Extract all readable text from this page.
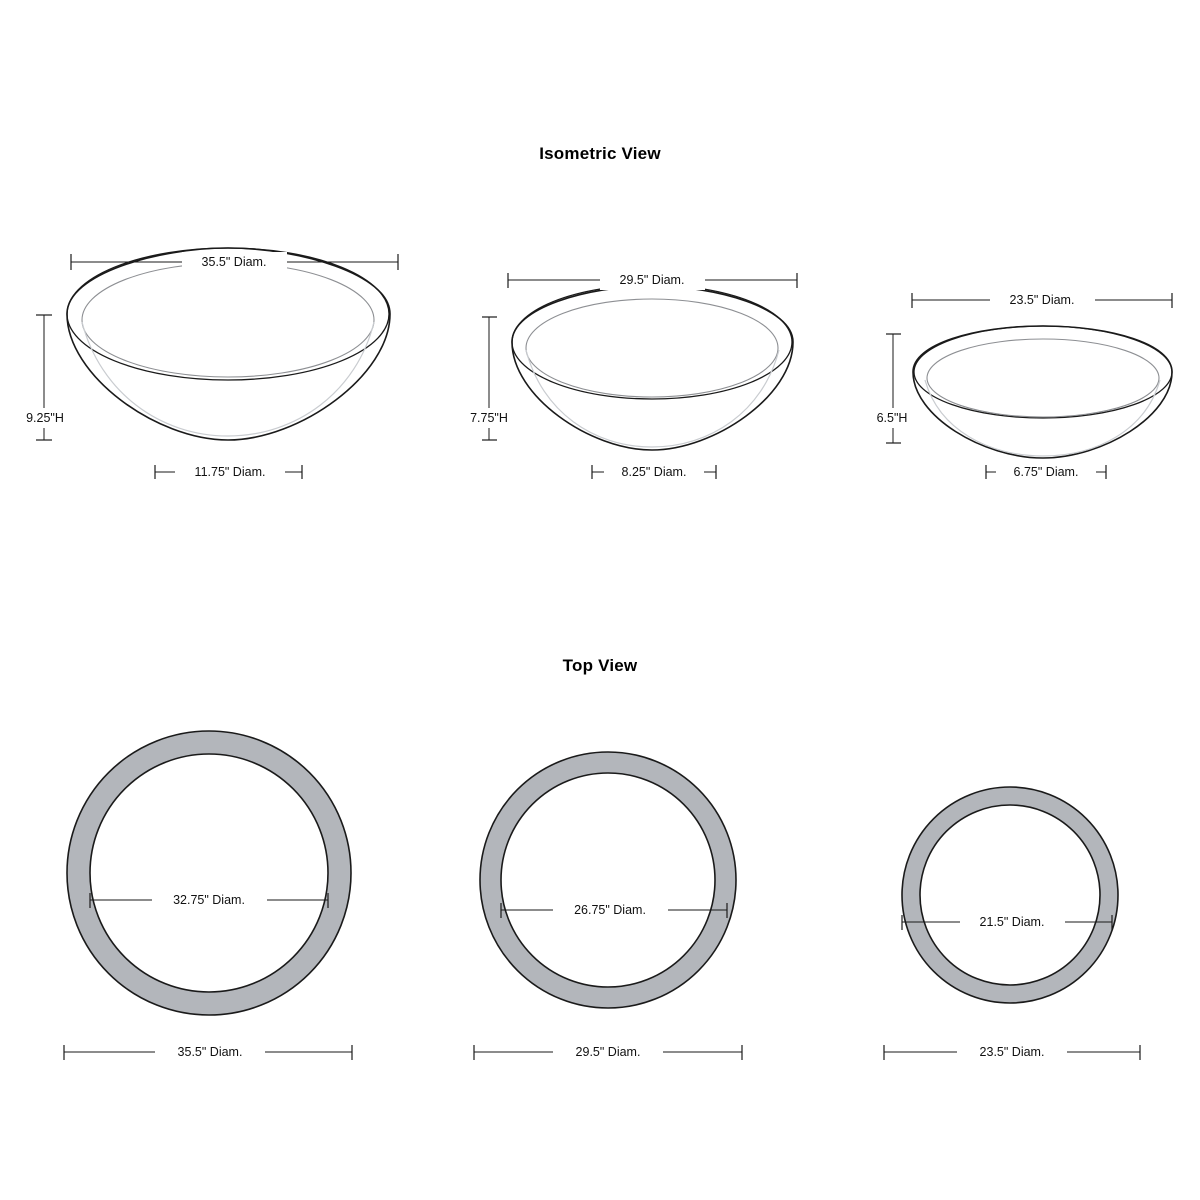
Isometric View
Top View
35.5" Diam.
9.25"H
11.75" Diam.
29.5" Diam.
7.75"H
8.25" Diam.
23.5" Diam.
6.5"H
6.75" Diam.
32.75" Diam.
35.5" Diam.
26.75" Diam.
29.5" Diam.
21.5" Diam.
23.5" Diam.
